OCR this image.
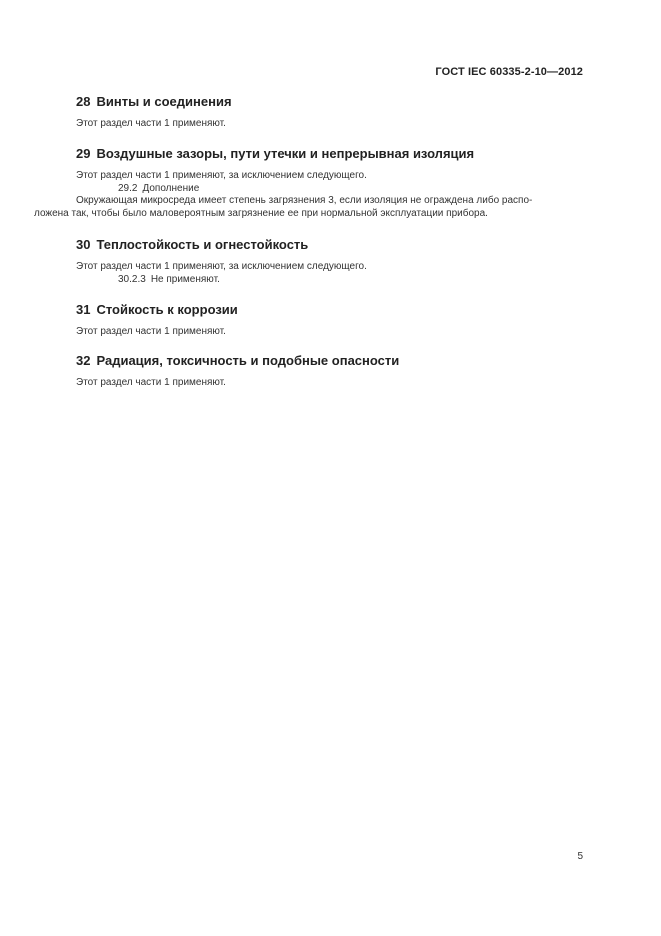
ГОСТ IEC 60335-2-10—2012
28 Винты и соединения

Этот раздел части 1 применяют.

29 Воздушные зазоры, пути утечки и непрерывная изоляция

Этот раздел части 1 применяют, за исключением следующего.

29.2 Дополнение

Окружающая микросреда имеет степень загрязнения 3, если изоляция не ограждена либо распо-

ложена так, чтобы было маловероятным загрязнение ее при нормальной эксплуатации прибора.

30 Теплостойкость и огнестойкость

Этот раздел части 1 применяют, за исключением следующего.

30.2.3 Не применяют.

31 Стойкость к коррозии

Этот раздел части 1 применяют.

32 Радиация, токсичность и подобные опасности

Этот раздел части 1 применяют.

5
